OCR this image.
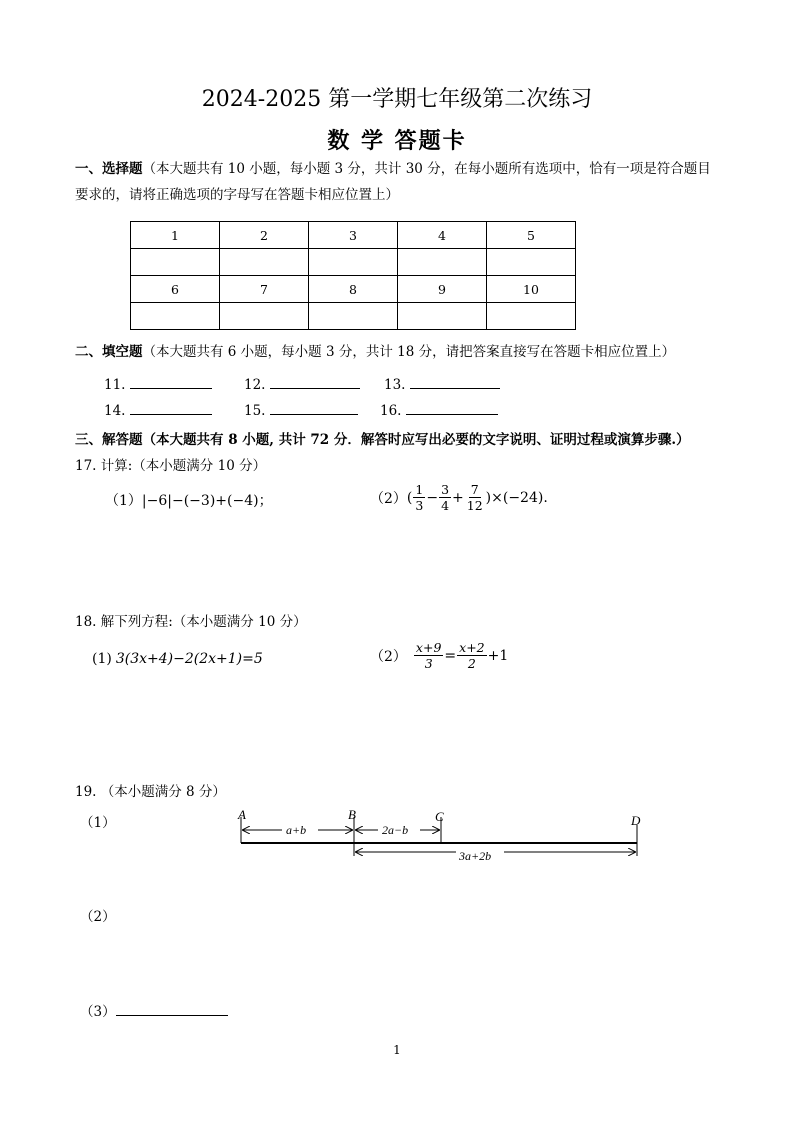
2024-2025 第一学期七年级第二次练习
数 学 答题卡
一、选择题（本大题共有 10 小题，每小题 3 分，共计 30 分，在每小题所有选项中，恰有一项是符合题目
要求的，请将正确选项的字母写在答题卡相应位置上）
1	2	3	4	5

6	7	8	9	10

二、填空题（本大题共有 6 小题，每小题 3 分，共计 18 分，请把答案直接写在答题卡相应位置上）
11.	12.	13.
14.	15.	16.
三、解答题（本大题共有 8 小题, 共计 72 分．解答时应写出必要的文字说明、证明过程或演算步骤.）
17. 计算:（本小题满分 10 分）
（1） |−6|−(−3)+(−4)；	（2） ( $\frac{1}{3} - \frac{3}{4} + \frac{7}{12} )\times(-24)$.
18. 解下列方程:（本小题满分 10 分）
(1) 3(3x+4)−2(2x+1)=5	$(2) \frac{x+9}{3} = \frac{x+2}{2} +1$
19. （本小题满分 8 分）
（1）
A	B	C	D
a+b	2a−b
3a+2b
（2）
（3）
1
